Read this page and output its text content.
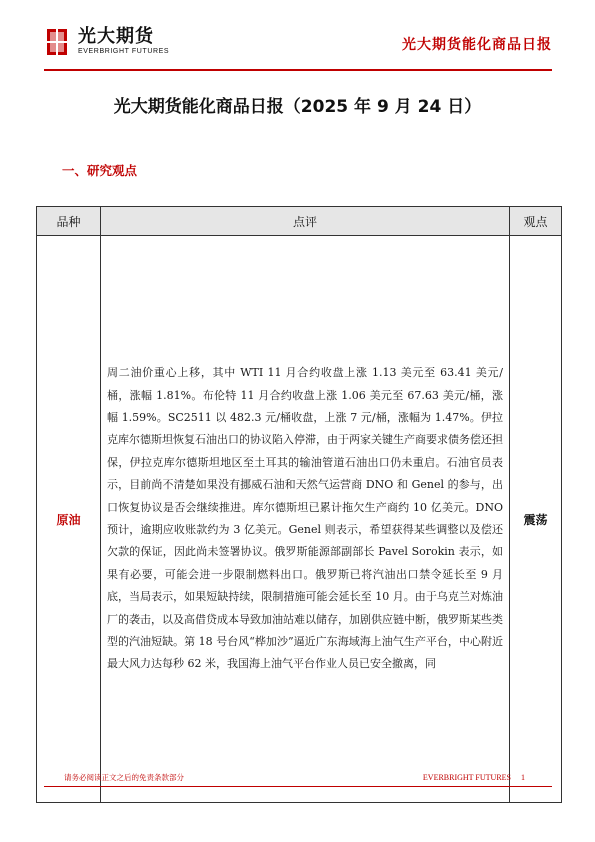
光大期货
EVERBRIGHT FUTURES	光大期货能化商品日报
光大期货能化商品日报（2025 年 9 月 24 日）
一、研究观点
品种	点评	观点
原油	周二油价重心上移，其中 WTI 11 月合约收盘上涨 1.13 美元至 63.41 美元/桶，涨幅 1.81%。布伦特 11 月合约收盘上涨 1.06 美元至 67.63 美元/桶，涨幅 1.59%。SC2511 以 482.3 元/桶收盘，上涨 7 元/桶，涨幅为 1.47%。伊拉克库尔德斯坦恢复石油出口的协议陷入停滞，由于两家关键生产商要求债务偿还担保，伊拉克库尔德斯坦地区至土耳其的输油管道石油出口仍未重启。石油官员表示，目前尚不清楚如果没有挪威石油和天然气运营商 DNO 和 Genel 的参与，出口恢复协议是否会继续推进。库尔德斯坦已累计拖欠生产商约 10 亿美元。DNO 预计，逾期应收账款约为 3 亿美元。Genel 则表示，希望获得某些调整以及偿还欠款的保证，因此尚未签署协议。俄罗斯能源部副部长 Pavel Sorokin 表示，如果有必要，可能会进一步限制燃料出口。俄罗斯已将汽油出口禁令延长至 9 月底，当局表示，如果短缺持续，限制措施可能会延长至 10 月。由于乌克兰对炼油厂的袭击，以及高借贷成本导致加油站难以储存，加剧供应链中断，俄罗斯某些类型的汽油短缺。第 18 号台风“桦加沙”逼近广东海域海上油气生产平台，中心附近最大风力达每秒 62 米，我国海上油气平台作业人员已安全撤离，同	震荡
请务必阅读正文之后的免责条款部分	EVERBRIGHT FUTURES 1
